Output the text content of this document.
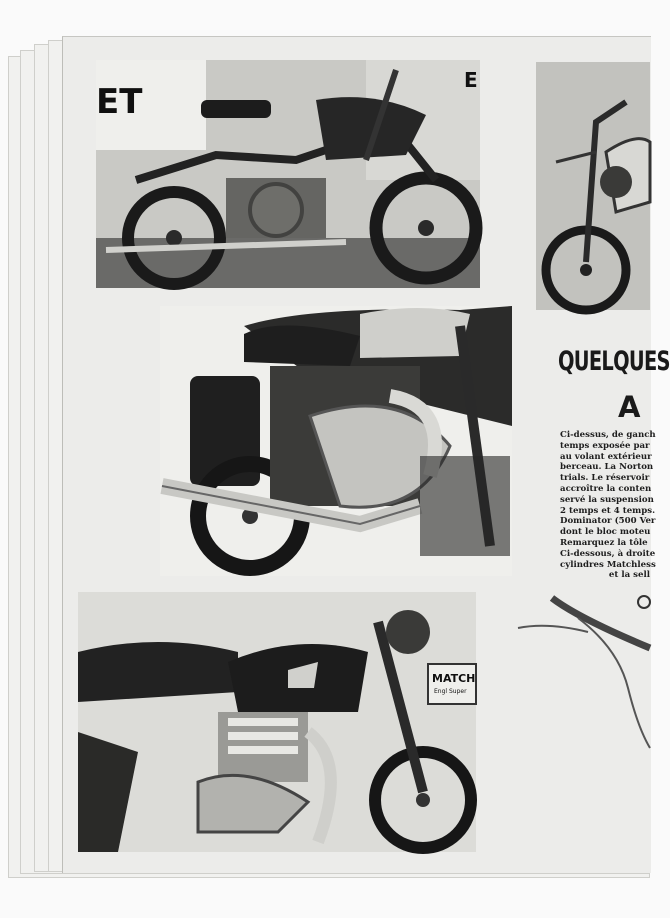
ET
E
MATCH
Engl Super
QUELQUES
A
Ci-dessus, de ganch
temps exposée par
au volant extérieur
berceau. La Norton
trials. Le réservoir
accroître la conten
servé la suspension
2 temps et 4 temps.
Dominator (500 Ver
dont le bloc moteu
Remarquez la tôle
Ci-dessous, à droite
cylindres Matchless
et la sell
